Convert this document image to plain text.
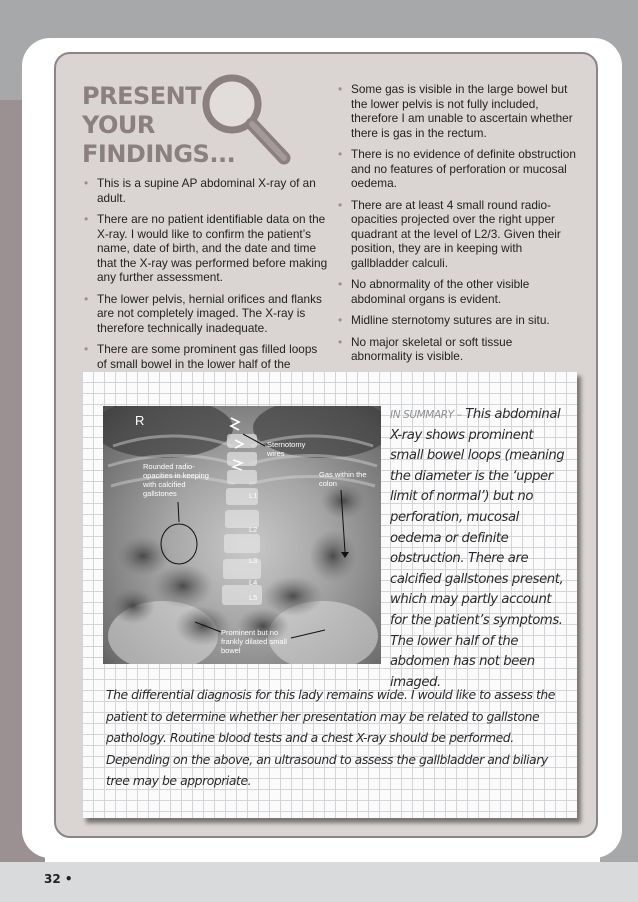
PRESENT
YOUR
FINDINGS...
• This is a supine AP abdominal X-ray of an adult.
• There are no patient identifiable data on the X-ray. I would like to confirm the patient’s name, date of birth, and the date and time that the X-ray was performed before making any further assessment.
• The lower pelvis, hernial orifices and flanks are not completely imaged. The X-ray is therefore technically inadequate.
• There are some prominent gas filled loops of small bowel in the lower half of the
• Some gas is visible in the large bowel but the lower pelvis is not fully included, therefore I am unable to ascertain whether there is gas in the rectum.
• There is no evidence of definite obstruction and no features of perforation or mucosal oedema.
• There are at least 4 small round radio-opacities projected over the right upper quadrant at the level of L2/3. Given their position, they are in keeping with gallbladder calculi.
• No abnormality of the other visible abdominal organs is evident.
• Midline sternotomy sutures are in situ.
• No major skeletal or soft tissue abnormality is visible.
R
Sternotomy wires
Rounded radio-opacities in keeping with calcified gallstones
Gas within the colon
Prominent but no frankly dilated small bowel
L1
L2
L3
L4
L5
IN SUMMARY – This abdominal X-ray shows prominent small bowel loops (meaning the diameter is the ‘upper limit of normal’) but no perforation, mucosal oedema or definite obstruction. There are calcified gallstones present, which may partly account for the patient’s symptoms. The lower half of the abdomen has not been imaged.
The differential diagnosis for this lady remains wide. I would like to assess the patient to determine whether her presentation may be related to gallstone pathology. Routine blood tests and a chest X-ray should be performed. Depending on the above, an ultrasound to assess the gallbladder and biliary tree may be appropriate.
32 •
